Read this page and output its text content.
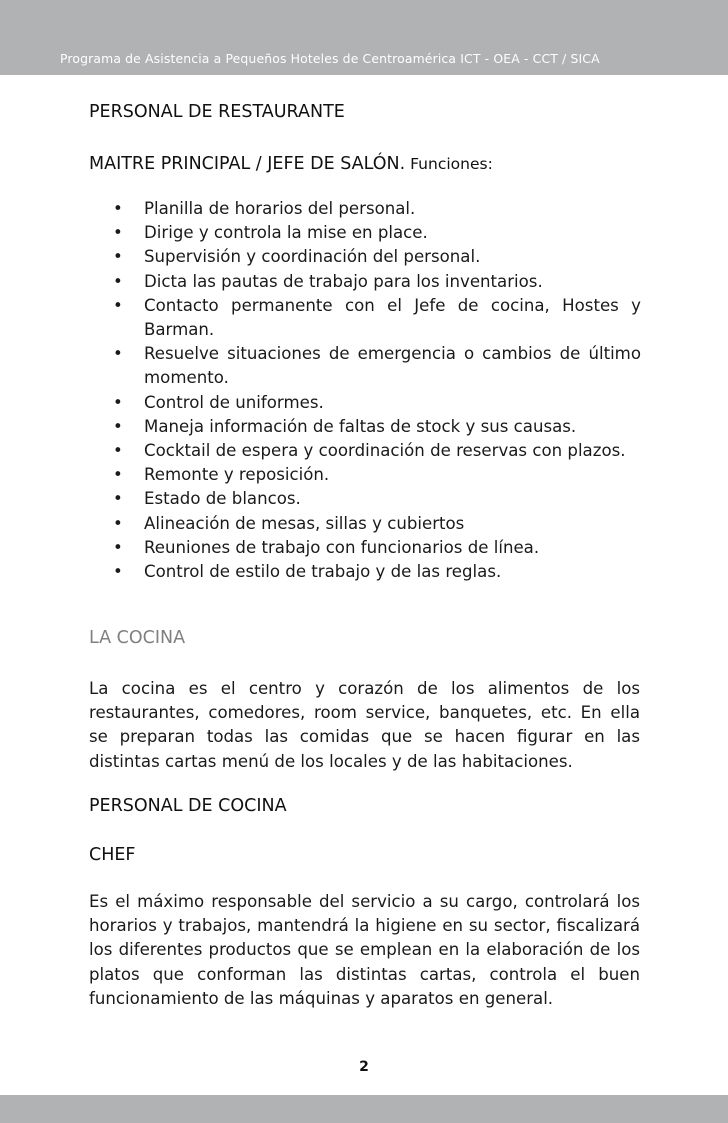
Programa de Asistencia a Pequeños Hoteles de Centroamérica ICT - OEA - CCT / SICA
PERSONAL DE RESTAURANTE
MAITRE PRINCIPAL / JEFE DE SALÓN. Funciones:
• Planilla de horarios del personal.
• Dirige y controla la mise en place.
• Supervisión y coordinación del personal.
• Dicta las pautas de trabajo para los inventarios.
• Contacto permanente con el Jefe de cocina, Hostes y Barman.
• Resuelve situaciones de emergencia o cambios de último momento.
• Control de uniformes.
• Maneja información de faltas de stock y sus causas.
• Cocktail de espera y coordinación de reservas con plazos.
• Remonte y reposición.
• Estado de blancos.
• Alineación de mesas, sillas y cubiertos
• Reuniones de trabajo con funcionarios de línea.
• Control de estilo de trabajo y de las reglas.
LA COCINA

La cocina es el centro y corazón de los alimentos de los restaurantes, comedores, room service, banquetes, etc. En ella se preparan todas las comidas que se hacen figurar en las distintas cartas menú de los locales y de las habitaciones.

PERSONAL DE COCINA
CHEF

Es el máximo responsable del servicio a su cargo, controlará los horarios y trabajos, mantendrá la higiene en su sector, fiscalizará los diferentes productos que se emplean en la elaboración de los platos que conforman las distintas cartas, controla el buen funcionamiento de las máquinas y aparatos en general.

2
